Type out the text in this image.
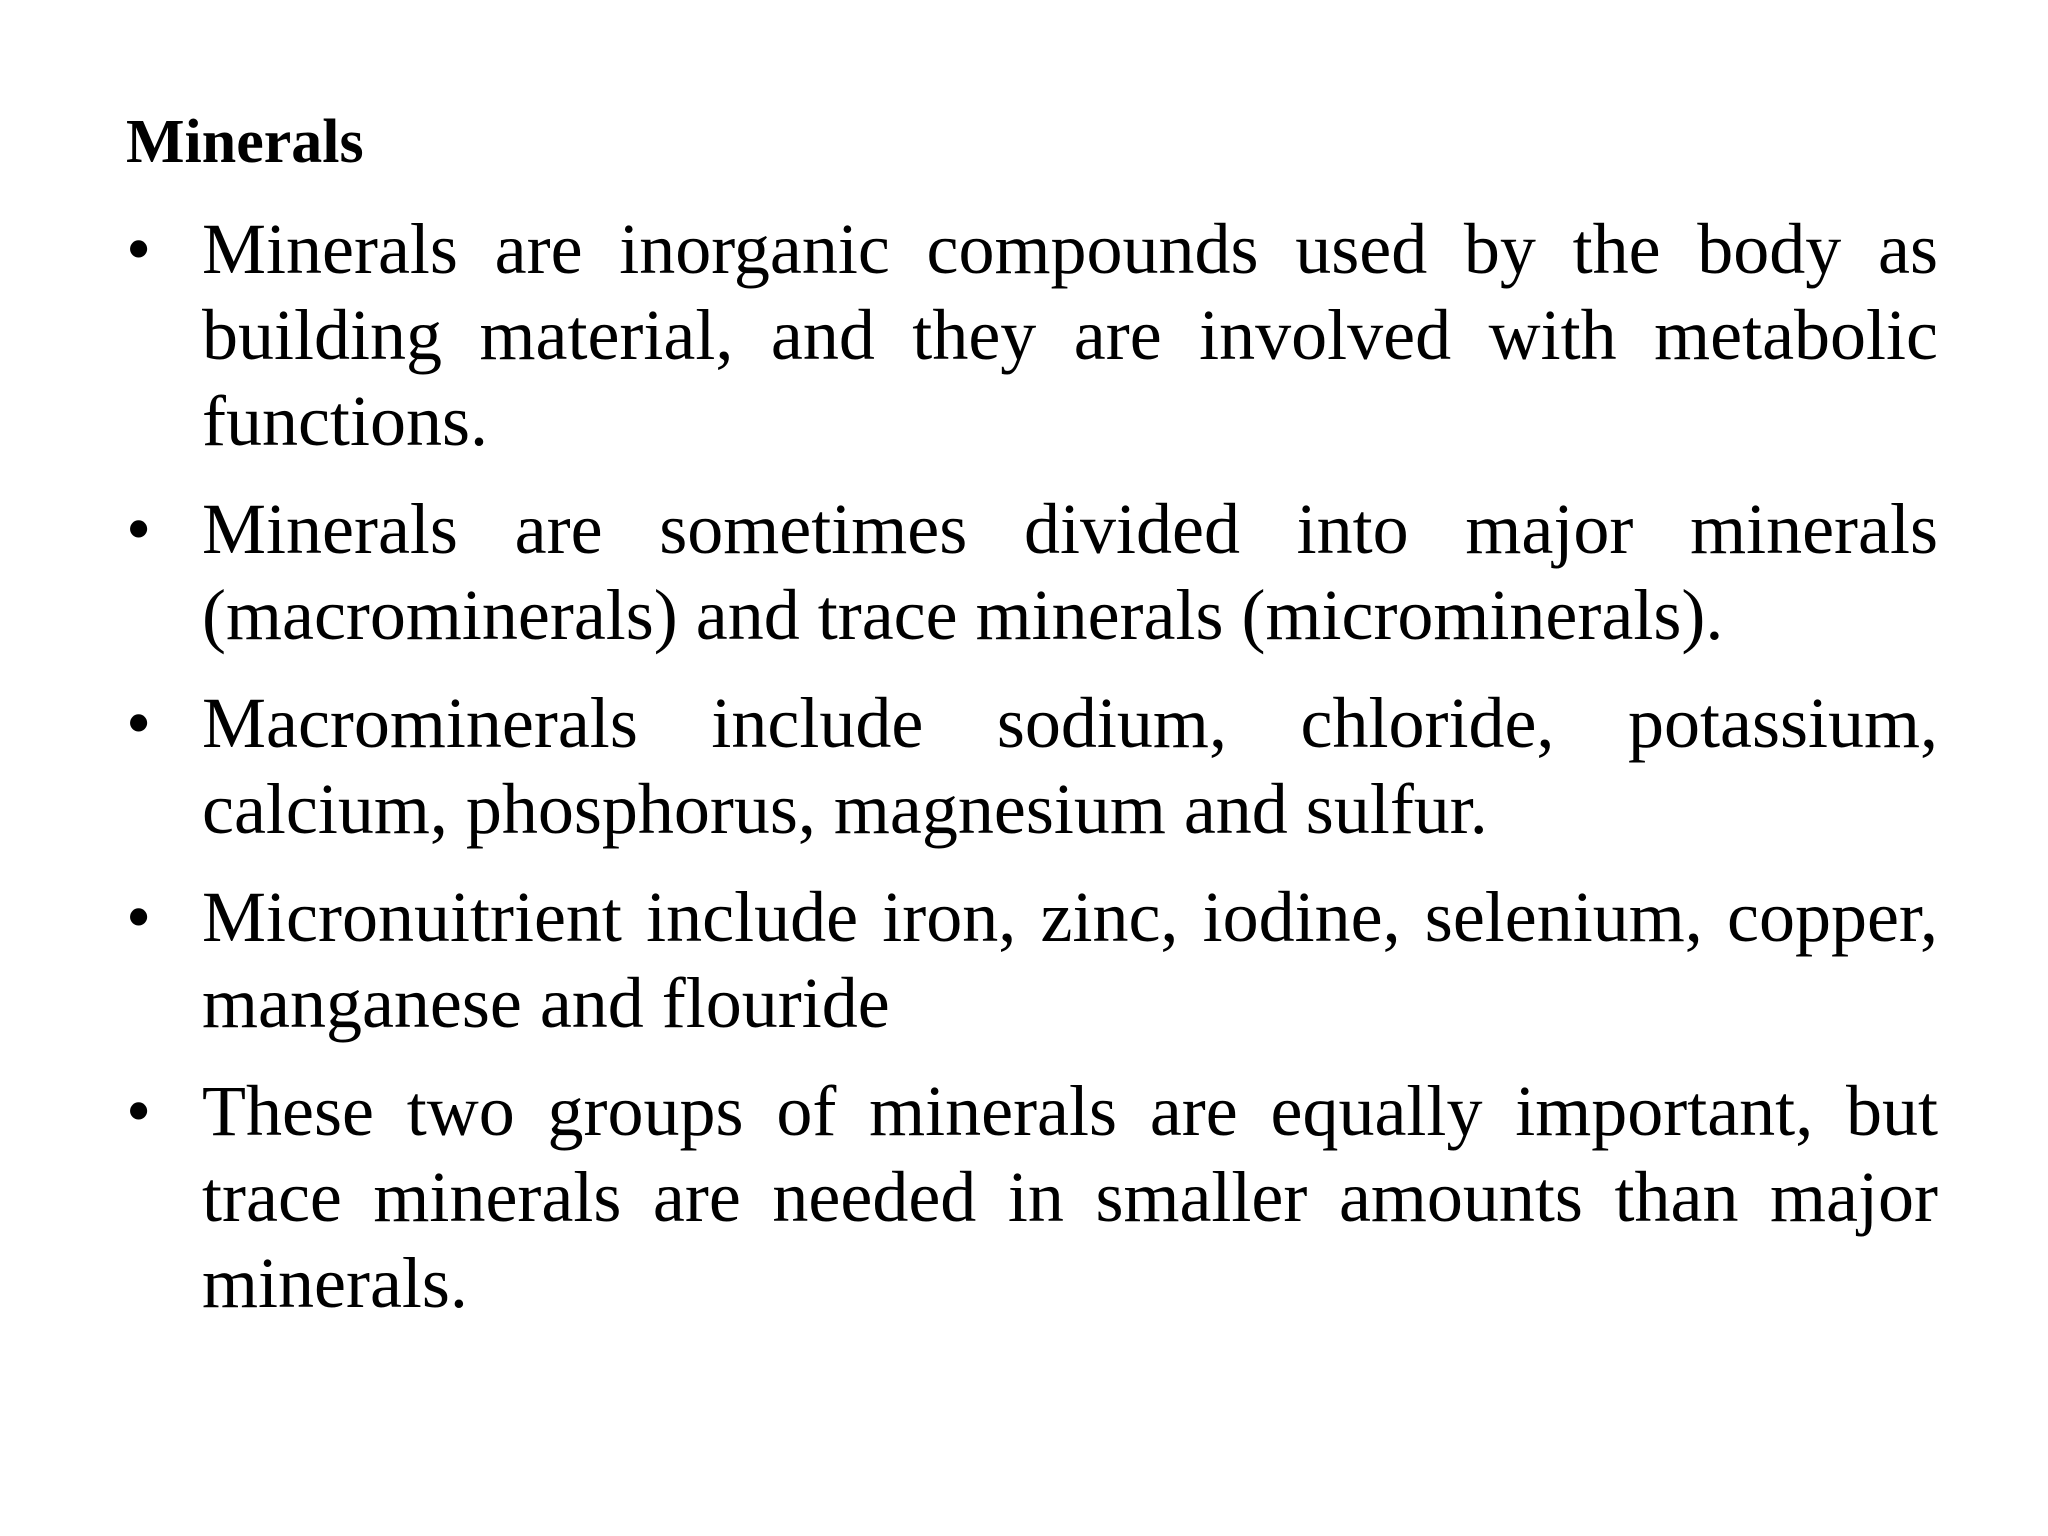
Minerals
• Minerals are inorganic compounds used by the body as building material, and they are involved with metabolic functions.
• Minerals are sometimes divided into major minerals (macrominerals) and trace minerals (microminerals).
• Macrominerals include sodium, chloride, potassium, calcium, phosphorus, magnesium and sulfur.
• Micronuitrient include iron, zinc, iodine, selenium, copper, manganese and flouride
• These two groups of minerals are equally important, but trace minerals are needed in smaller amounts than major minerals.
